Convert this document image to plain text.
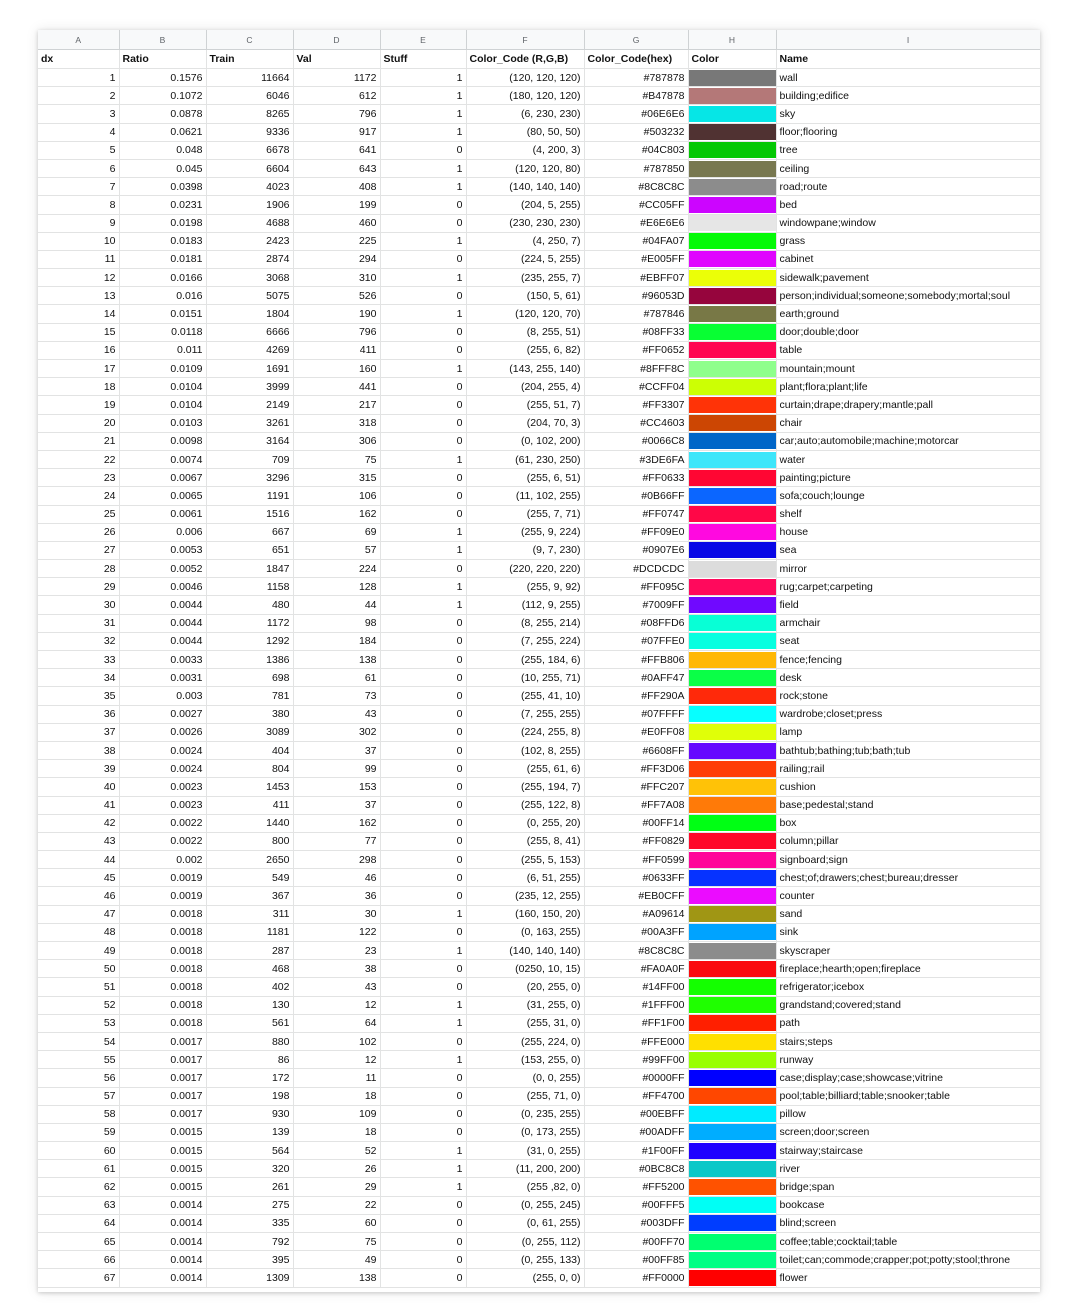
A	B	C	D	E	F	G	H	I
dx	Ratio	Train	Val	Stuff	Color_Code (R,G,B)	Color_Code(hex)	Color	Name
1	0.1576	11664	1172	1	(120, 120, 120)	#787878		wall
2	0.1072	6046	612	1	(180, 120, 120)	#B47878		building;edifice
3	0.0878	8265	796	1	(6, 230, 230)	#06E6E6		sky
4	0.0621	9336	917	1	(80, 50, 50)	#503232		floor;flooring
5	0.048	6678	641	0	(4, 200, 3)	#04C803		tree
6	0.045	6604	643	1	(120, 120, 80)	#787850		ceiling
7	0.0398	4023	408	1	(140, 140, 140)	#8C8C8C		road;route
8	0.0231	1906	199	0	(204, 5, 255)	#CC05FF		bed
9	0.0198	4688	460	0	(230, 230, 230)	#E6E6E6		windowpane;window
10	0.0183	2423	225	1	(4, 250, 7)	#04FA07		grass
11	0.0181	2874	294	0	(224, 5, 255)	#E005FF		cabinet
12	0.0166	3068	310	1	(235, 255, 7)	#EBFF07		sidewalk;pavement
13	0.016	5075	526	0	(150, 5, 61)	#96053D		person;individual;someone;somebody;mortal;soul
14	0.0151	1804	190	1	(120, 120, 70)	#787846		earth;ground
15	0.0118	6666	796	0	(8, 255, 51)	#08FF33		door;double;door
16	0.011	4269	411	0	(255, 6, 82)	#FF0652		table
17	0.0109	1691	160	1	(143, 255, 140)	#8FFF8C		mountain;mount
18	0.0104	3999	441	0	(204, 255, 4)	#CCFF04		plant;flora;plant;life
19	0.0104	2149	217	0	(255, 51, 7)	#FF3307		curtain;drape;drapery;mantle;pall
20	0.0103	3261	318	0	(204, 70, 3)	#CC4603		chair
21	0.0098	3164	306	0	(0, 102, 200)	#0066C8		car;auto;automobile;machine;motorcar
22	0.0074	709	75	1	(61, 230, 250)	#3DE6FA		water
23	0.0067	3296	315	0	(255, 6, 51)	#FF0633		painting;picture
24	0.0065	1191	106	0	(11, 102, 255)	#0B66FF		sofa;couch;lounge
25	0.0061	1516	162	0	(255, 7, 71)	#FF0747		shelf
26	0.006	667	69	1	(255, 9, 224)	#FF09E0		house
27	0.0053	651	57	1	(9, 7, 230)	#0907E6		sea
28	0.0052	1847	224	0	(220, 220, 220)	#DCDCDC		mirror
29	0.0046	1158	128	1	(255, 9, 92)	#FF095C		rug;carpet;carpeting
30	0.0044	480	44	1	(112, 9, 255)	#7009FF		field
31	0.0044	1172	98	0	(8, 255, 214)	#08FFD6		armchair
32	0.0044	1292	184	0	(7, 255, 224)	#07FFE0		seat
33	0.0033	1386	138	0	(255, 184, 6)	#FFB806		fence;fencing
34	0.0031	698	61	0	(10, 255, 71)	#0AFF47		desk
35	0.003	781	73	0	(255, 41, 10)	#FF290A		rock;stone
36	0.0027	380	43	0	(7, 255, 255)	#07FFFF		wardrobe;closet;press
37	0.0026	3089	302	0	(224, 255, 8)	#E0FF08		lamp
38	0.0024	404	37	0	(102, 8, 255)	#6608FF		bathtub;bathing;tub;bath;tub
39	0.0024	804	99	0	(255, 61, 6)	#FF3D06		railing;rail
40	0.0023	1453	153	0	(255, 194, 7)	#FFC207		cushion
41	0.0023	411	37	0	(255, 122, 8)	#FF7A08		base;pedestal;stand
42	0.0022	1440	162	0	(0, 255, 20)	#00FF14		box
43	0.0022	800	77	0	(255, 8, 41)	#FF0829		column;pillar
44	0.002	2650	298	0	(255, 5, 153)	#FF0599		signboard;sign
45	0.0019	549	46	0	(6, 51, 255)	#0633FF		chest;of;drawers;chest;bureau;dresser
46	0.0019	367	36	0	(235, 12, 255)	#EB0CFF		counter
47	0.0018	311	30	1	(160, 150, 20)	#A09614		sand
48	0.0018	1181	122	0	(0, 163, 255)	#00A3FF		sink
49	0.0018	287	23	1	(140, 140, 140)	#8C8C8C		skyscraper
50	0.0018	468	38	0	(0250, 10, 15)	#FA0A0F		fireplace;hearth;open;fireplace
51	0.0018	402	43	0	(20, 255, 0)	#14FF00		refrigerator;icebox
52	0.0018	130	12	1	(31, 255, 0)	#1FFF00		grandstand;covered;stand
53	0.0018	561	64	1	(255, 31, 0)	#FF1F00		path
54	0.0017	880	102	0	(255, 224, 0)	#FFE000		stairs;steps
55	0.0017	86	12	1	(153, 255, 0)	#99FF00		runway
56	0.0017	172	11	0	(0, 0, 255)	#0000FF		case;display;case;showcase;vitrine
57	0.0017	198	18	0	(255, 71, 0)	#FF4700		pool;table;billiard;table;snooker;table
58	0.0017	930	109	0	(0, 235, 255)	#00EBFF		pillow
59	0.0015	139	18	0	(0, 173, 255)	#00ADFF		screen;door;screen
60	0.0015	564	52	1	(31, 0, 255)	#1F00FF		stairway;staircase
61	0.0015	320	26	1	(11, 200, 200)	#0BC8C8		river
62	0.0015	261	29	1	(255 ,82, 0)	#FF5200		bridge;span
63	0.0014	275	22	0	(0, 255, 245)	#00FFF5		bookcase
64	0.0014	335	60	0	(0, 61, 255)	#003DFF		blind;screen
65	0.0014	792	75	0	(0, 255, 112)	#00FF70		coffee;table;cocktail;table
66	0.0014	395	49	0	(0, 255, 133)	#00FF85		toilet;can;commode;crapper;pot;potty;stool;throne
67	0.0014	1309	138	0	(255, 0, 0)	#FF0000		flower
